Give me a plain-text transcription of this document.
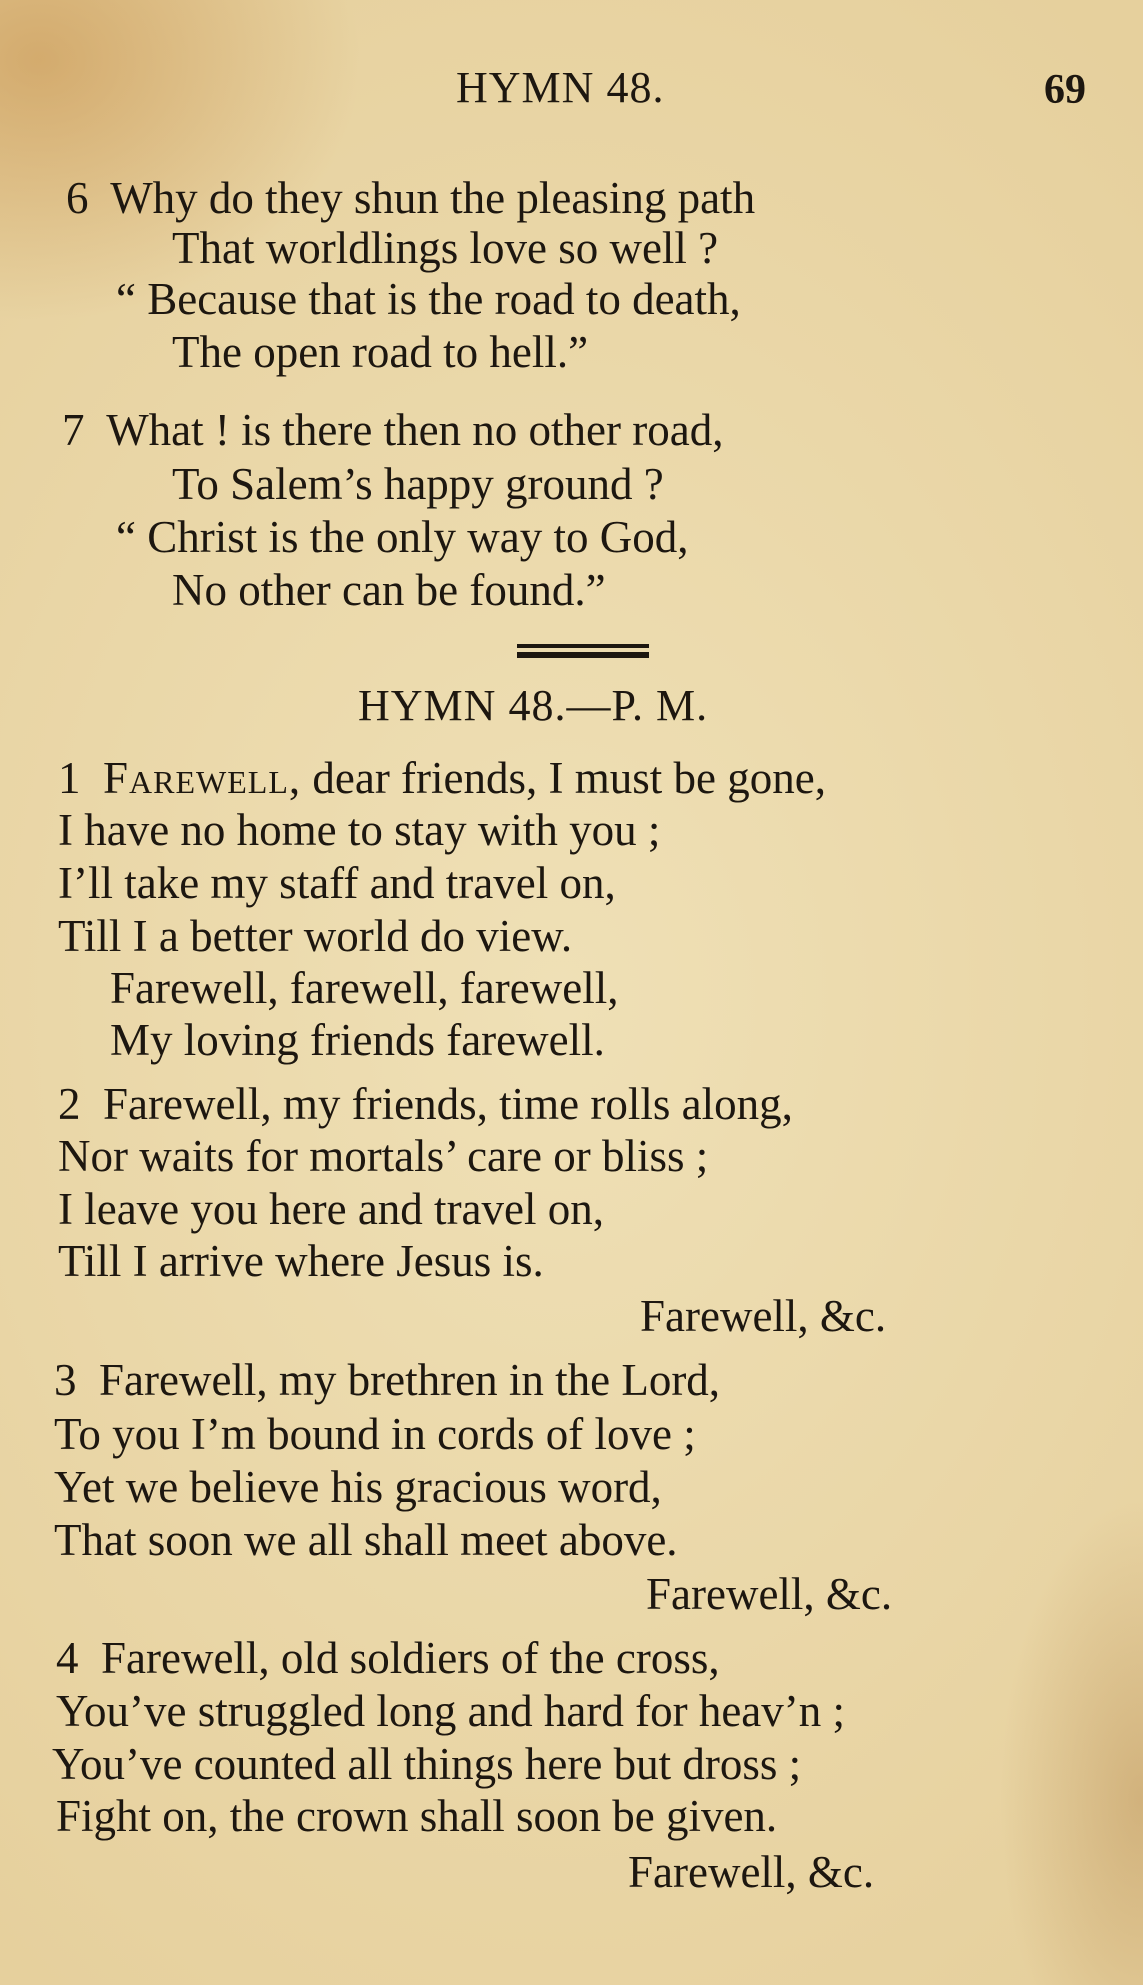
HYMN 48.	69
6 Why do they shun the pleasing path
That worldlings love so well ?
“ Because that is the road to death,
The open road to hell.”
7 What ! is there then no other road,
To Salem’s happy ground ?
“ Christ is the only way to God,
No other can be found.”
HYMN 48.—P. M.
1 Farewell, dear friends, I must be gone,
I have no home to stay with you ;
I’ll take my staff and travel on,
Till I a better world do view.
Farewell, farewell, farewell,
My loving friends farewell.
2 Farewell, my friends, time rolls along,
Nor waits for mortals’ care or bliss ;
I leave you here and travel on,
Till I arrive where Jesus is.
Farewell, &c.
3 Farewell, my brethren in the Lord,
To you I’m bound in cords of love ;
Yet we believe his gracious word,
That soon we all shall meet above.
Farewell, &c.
4 Farewell, old soldiers of the cross,
You’ve struggled long and hard for heav’n ;
You’ve counted all things here but dross ;
Fight on, the crown shall soon be given.
Farewell, &c.
